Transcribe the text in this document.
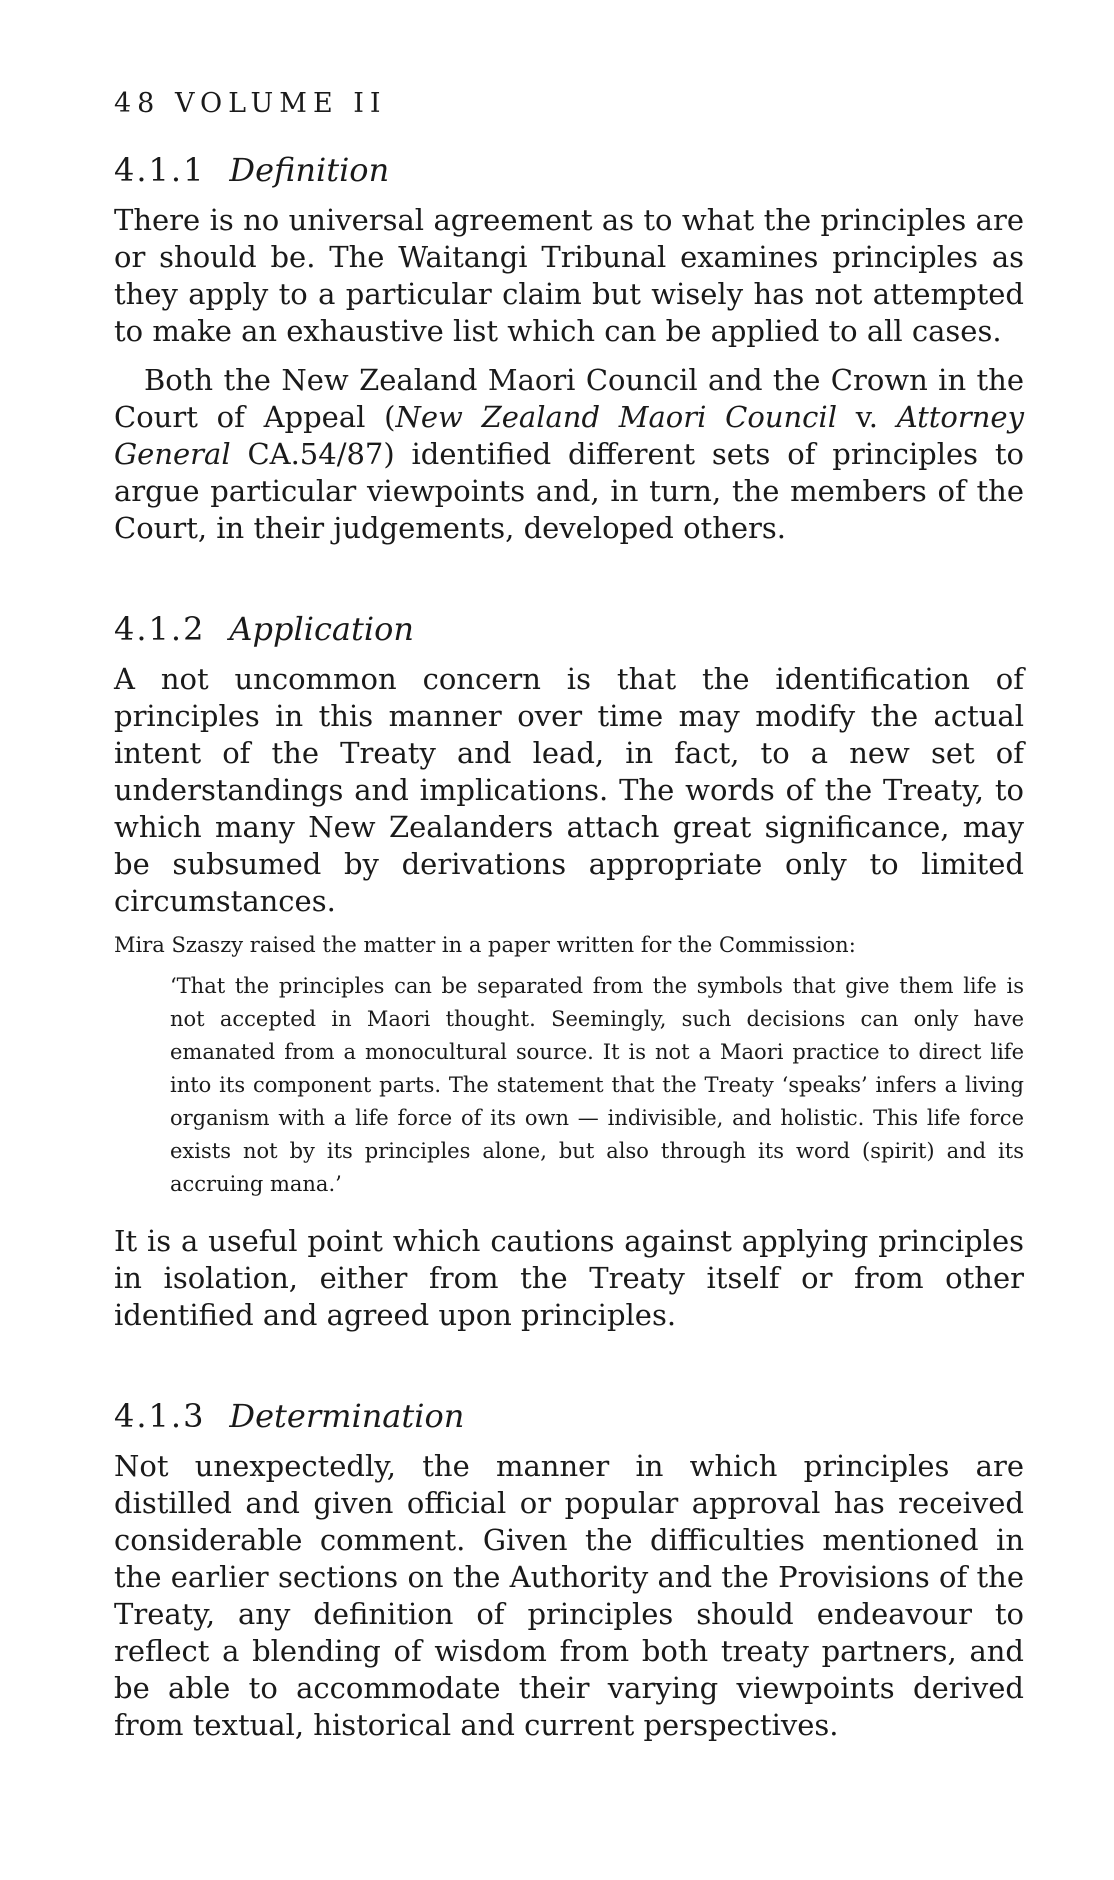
48 VOLUME II
4.1.1 Definition

There is no universal agreement as to what the principles are or should be. The Waitangi Tribunal examines principles as they apply to a particular claim but wisely has not attempted to make an exhaustive list which can be applied to all cases.

Both the New Zealand Maori Council and the Crown in the Court of Appeal (New Zealand Maori Council v. Attorney General CA.54/87) identified different sets of principles to argue particular viewpoints and, in turn, the members of the Court, in their judgements, developed others.

4.1.2 Application

A not uncommon concern is that the identification of principles in this manner over time may modify the actual intent of the Treaty and lead, in fact, to a new set of understandings and implications. The words of the Treaty, to which many New Zealanders attach great significance, may be subsumed by derivations appropriate only to limited circumstances.

Mira Szaszy raised the matter in a paper written for the Commission:

‘That the principles can be separated from the symbols that give them life is not accepted in Maori thought. Seemingly, such decisions can only have emanated from a monocultural source. It is not a Maori practice to direct life into its component parts. The statement that the Treaty ‘speaks’ infers a living organism with a life force of its own — indivisible, and holistic. This life force exists not by its principles alone, but also through its word (spirit) and its accruing mana.’

It is a useful point which cautions against applying principles in isolation, either from the Treaty itself or from other identified and agreed upon principles.

4.1.3 Determination

Not unexpectedly, the manner in which principles are distilled and given official or popular approval has received considerable comment. Given the difficulties mentioned in the earlier sections on the Authority and the Provisions of the Treaty, any definition of principles should endeavour to reflect a blending of wisdom from both treaty partners, and be able to accommodate their varying viewpoints derived from textual, historical and current perspectives.
